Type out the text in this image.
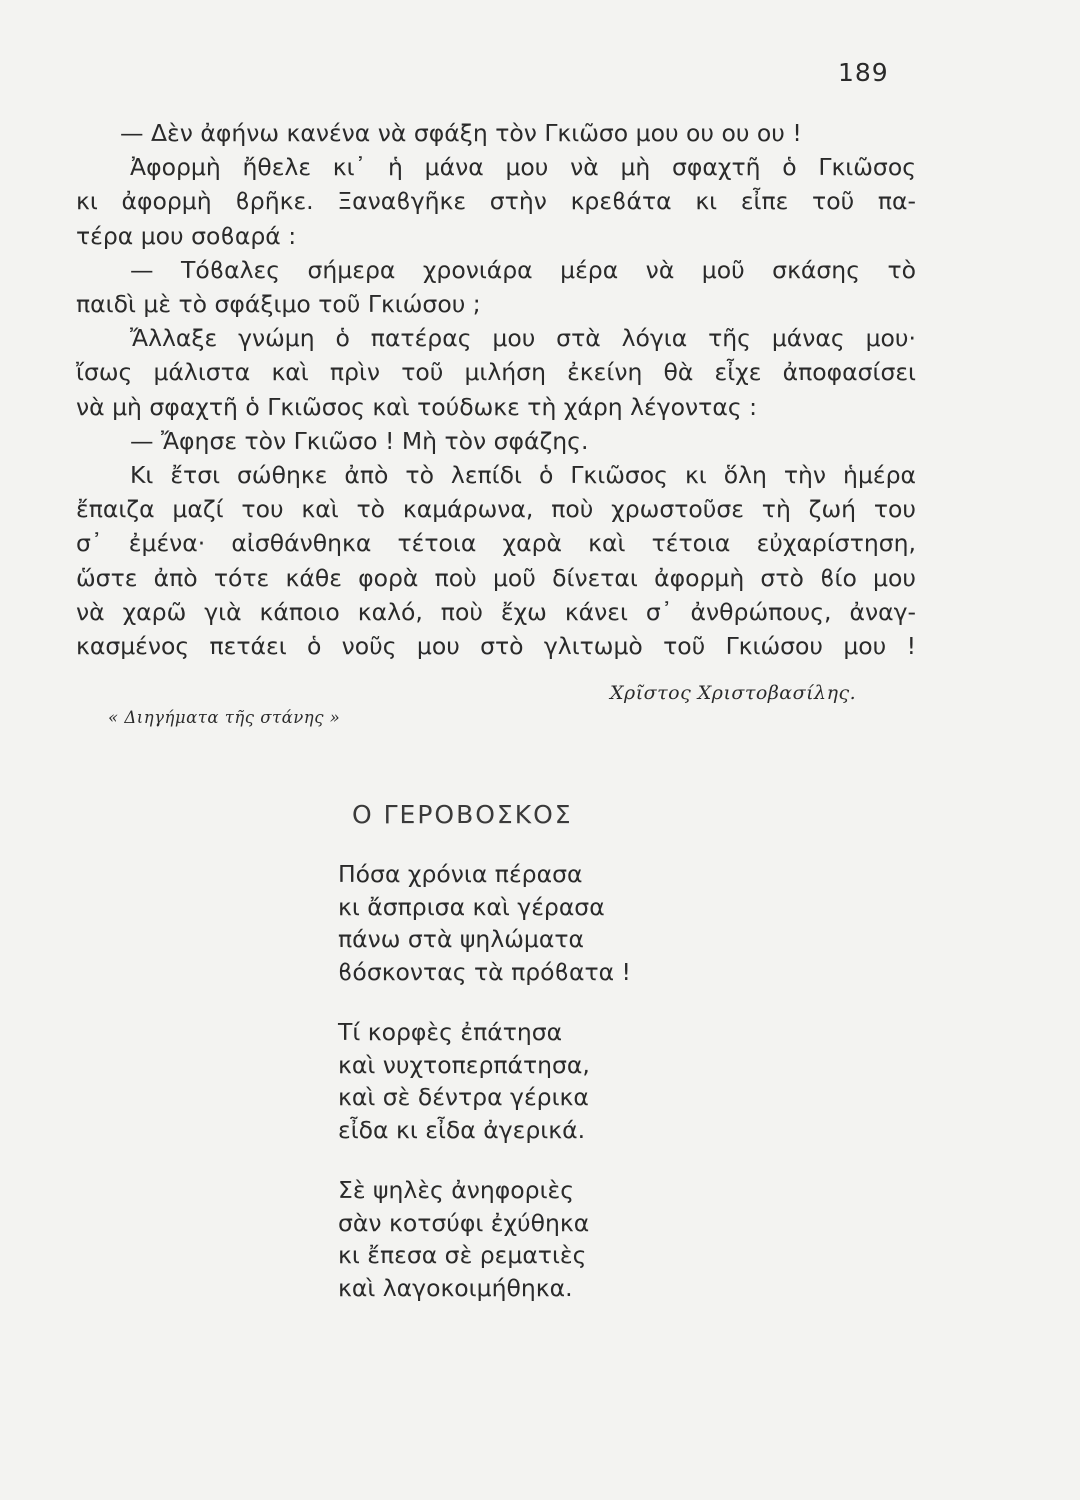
189

— Δὲν ἀφήνω κανένα νὰ σφάξη τὸν Γκιῶσο μου ου ου ου !

Ἀφορμὴ ἤθελε κι᾿ ἡ μάνα μου νὰ μὴ σφαχτῆ ὁ Γκιῶσος

κι ἀφορμὴ ϐρῆκε. Ξαναϐγῆκε στὴν κρεϐάτα κι εἶπε τοῦ πα-

τέρα μου σοϐαρά :

— Τόϐαλες σήμερα χρονιάρα μέρα νὰ μοῦ σκάσης τὸ

παιδὶ μὲ τὸ σφάξιμο τοῦ Γκιώσου ;

Ἄλλαξε γνώμη ὁ πατέρας μου στὰ λόγια τῆς μάνας μου·

ἴσως μάλιστα καὶ πρὶν τοῦ μιλήση ἐκείνη θὰ εἶχε ἀποφασίσει

νὰ μὴ σφαχτῆ ὁ Γκιῶσος καὶ τούδωκε τὴ χάρη λέγοντας :

— Ἄφησε τὸν Γκιῶσο ! Μὴ τὸν σφάζης.

Κι ἔτσι σώθηκε ἀπὸ τὸ λεπίδι ὁ Γκιῶσος κι ὅλη τὴν ἡμέρα

ἔπαιζα μαζί του καὶ τὸ καμάρωνα, ποὺ χρωστοῦσε τὴ ζωή του

σ᾿ ἐμένα· αἰσθάνθηκα τέτοια χαρὰ καὶ τέτοια εὐχαρίστηση,

ὥστε ἀπὸ τότε κάθε φορὰ ποὺ μοῦ δίνεται ἀφορμὴ στὸ ϐίο μου

νὰ χαρῶ γιὰ κάποιο καλό, ποὺ ἔχω κάνει σ᾿ ἀνθρώπους, ἀναγ-

κασμένος πετάει ὁ νοῦς μου στὸ γλιτωμὸ τοῦ Γκιώσου μου !

Χρῖστος Χριστοβασίλης.
« Διηγήματα τῆς στάνης »
Ο ΓΕΡΟΒΟΣΚΟΣ
Πόσα χρόνια πέρασα
κι ἄσπρισα καὶ γέρασα
πάνω στὰ ψηλώματα
ϐόσκοντας τὰ πρόϐατα !
Τί κορφὲς ἐπάτησα
καὶ νυχτοπερπάτησα,
καὶ σὲ δέντρα γέρικα
εἶδα κι εἶδα ἀγερικά.
Σὲ ψηλὲς ἀνηφοριὲς
σὰν κοτσύφι ἐχύθηκα
κι ἔπεσα σὲ ρεματιὲς
καὶ λαγοκοιμήθηκα.
